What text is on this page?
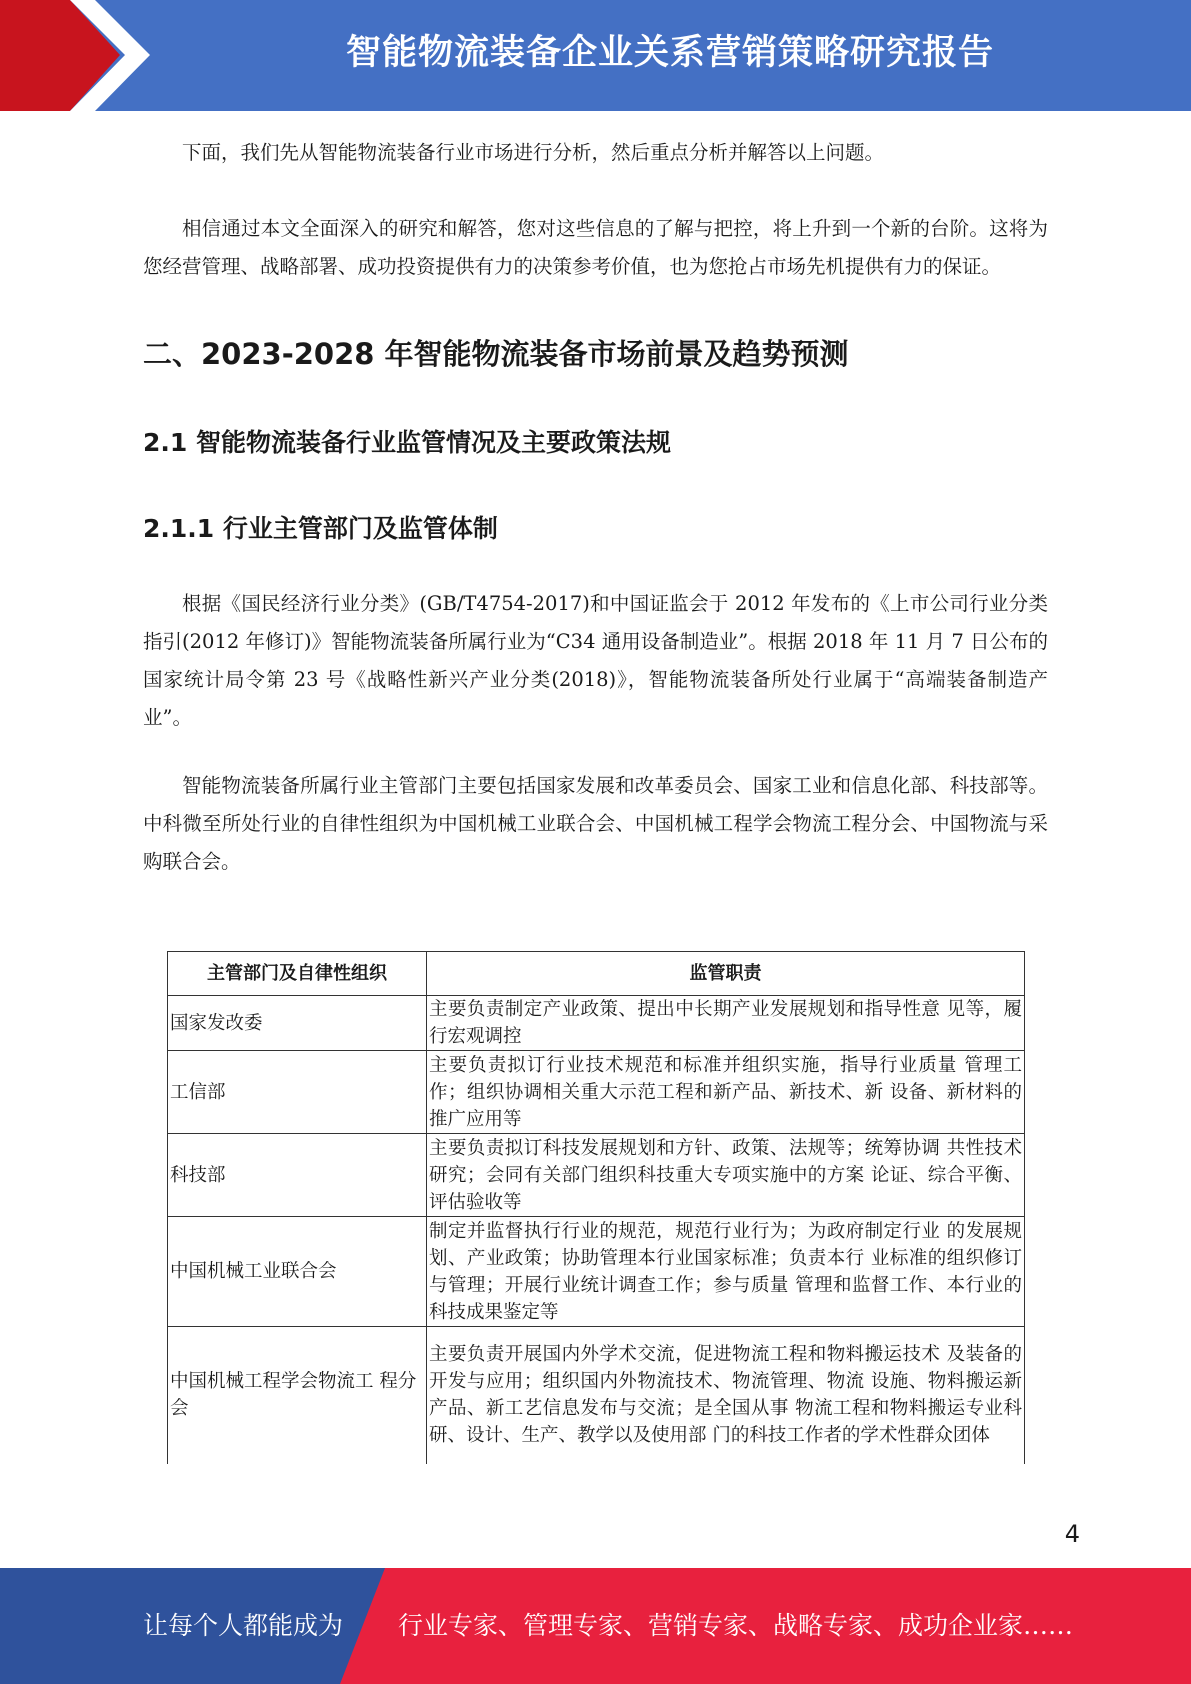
智能物流装备企业关系营销策略研究报告

下面，我们先从智能物流装备行业市场进行分析，然后重点分析并解答以上问题。

相信通过本文全面深入的研究和解答，您对这些信息的了解与把控，将上升到一个新的台阶。这将为您经营管理、战略部署、成功投资提供有力的决策参考价值，也为您抢占市场先机提供有力的保证。

二、2023-2028 年智能物流装备市场前景及趋势预测
2.1 智能物流装备行业监管情况及主要政策法规
2.1.1 行业主管部门及监管体制

根据《国民经济行业分类》(GB/T4754-2017)和中国证监会于 2012 年发布的《上市公司行业分类指引(2012 年修订)》智能物流装备所属行业为“C34 通用设备制造业”。根据 2018 年 11 月 7 日公布的国家统计局令第 23 号《战略性新兴产业分类(2018)》，智能物流装备所处行业属于“高端装备制造产业”。

智能物流装备所属行业主管部门主要包括国家发展和改革委员会、国家工业和信息化部、科技部等。中科微至所处行业的自律性组织为中国机械工业联合会、中国机械工程学会物流工程分会、中国物流与采购联合会。

主管部门及自律性组织	监管职责
国家发改委	主要负责制定产业政策、提出中长期产业发展规划和指导性意 见等，履行宏观调控
工信部	主要负责拟订行业技术规范和标准并组织实施，指导行业质量 管理工作；组织协调相关重大示范工程和新产品、新技术、新 设备、新材料的推广应用等
科技部	主要负责拟订科技发展规划和方针、政策、法规等；统筹协调 共性技术研究；会同有关部门组织科技重大专项实施中的方案 论证、综合平衡、评估验收等
中国机械工业联合会	制定并监督执行行业的规范，规范行业行为；为政府制定行业 的发展规划、产业政策；协助管理本行业国家标准；负责本行 业标准的组织修订与管理；开展行业统计调查工作；参与质量 管理和监督工作、本行业的科技成果鉴定等
中国机械工程学会物流工 程分会	主要负责开展国内外学术交流，促进物流工程和物料搬运技术 及装备的开发与应用；组织国内外物流技术、物流管理、物流 设施、物料搬运新产品、新工艺信息发布与交流；是全国从事 物流工程和物料搬运专业科研、设计、生产、教学以及使用部 门的科技工作者的学术性群众团体
4
让每个人都能成为 行业专家、管理专家、营销专家、战略专家、成功企业家……
